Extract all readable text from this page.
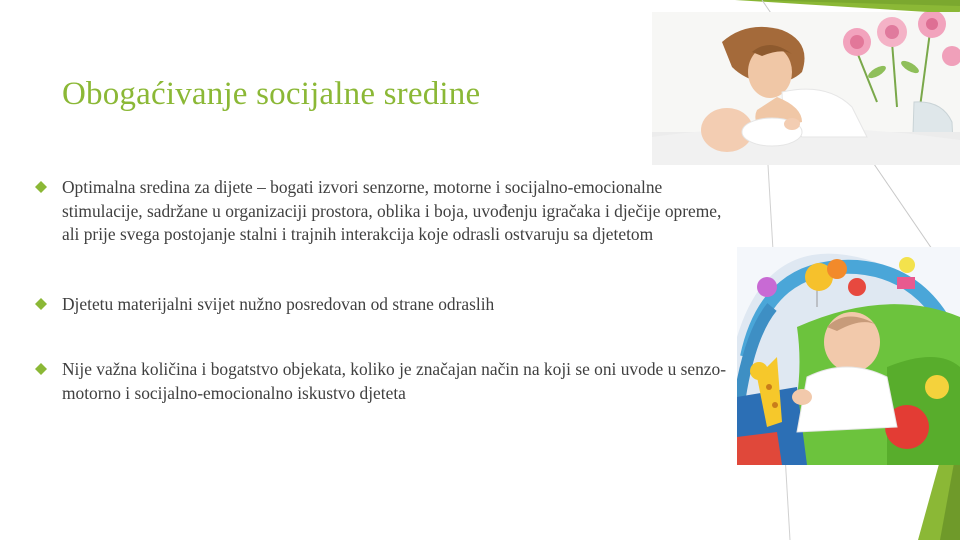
Obogaćivanje socijalne sredine
Optimalna sredina za dijete – bogati izvori senzorne, motorne i socijalno-emocionalne stimulacije, sadržane u organizaciji prostora, oblika i boja, uvođenju igračaka i dječije opreme, ali prije svega postojanje stalni i trajnih interakcija koje odrasli ostvaruju sa djetetom
Djetetu materijalni svijet nužno posredovan od strane odraslih
Nije važna količina i bogatstvo objekata, koliko je značajan način na koji se oni uvode u senzo-motorno i socijalno-emocionalno iskustvo djeteta
